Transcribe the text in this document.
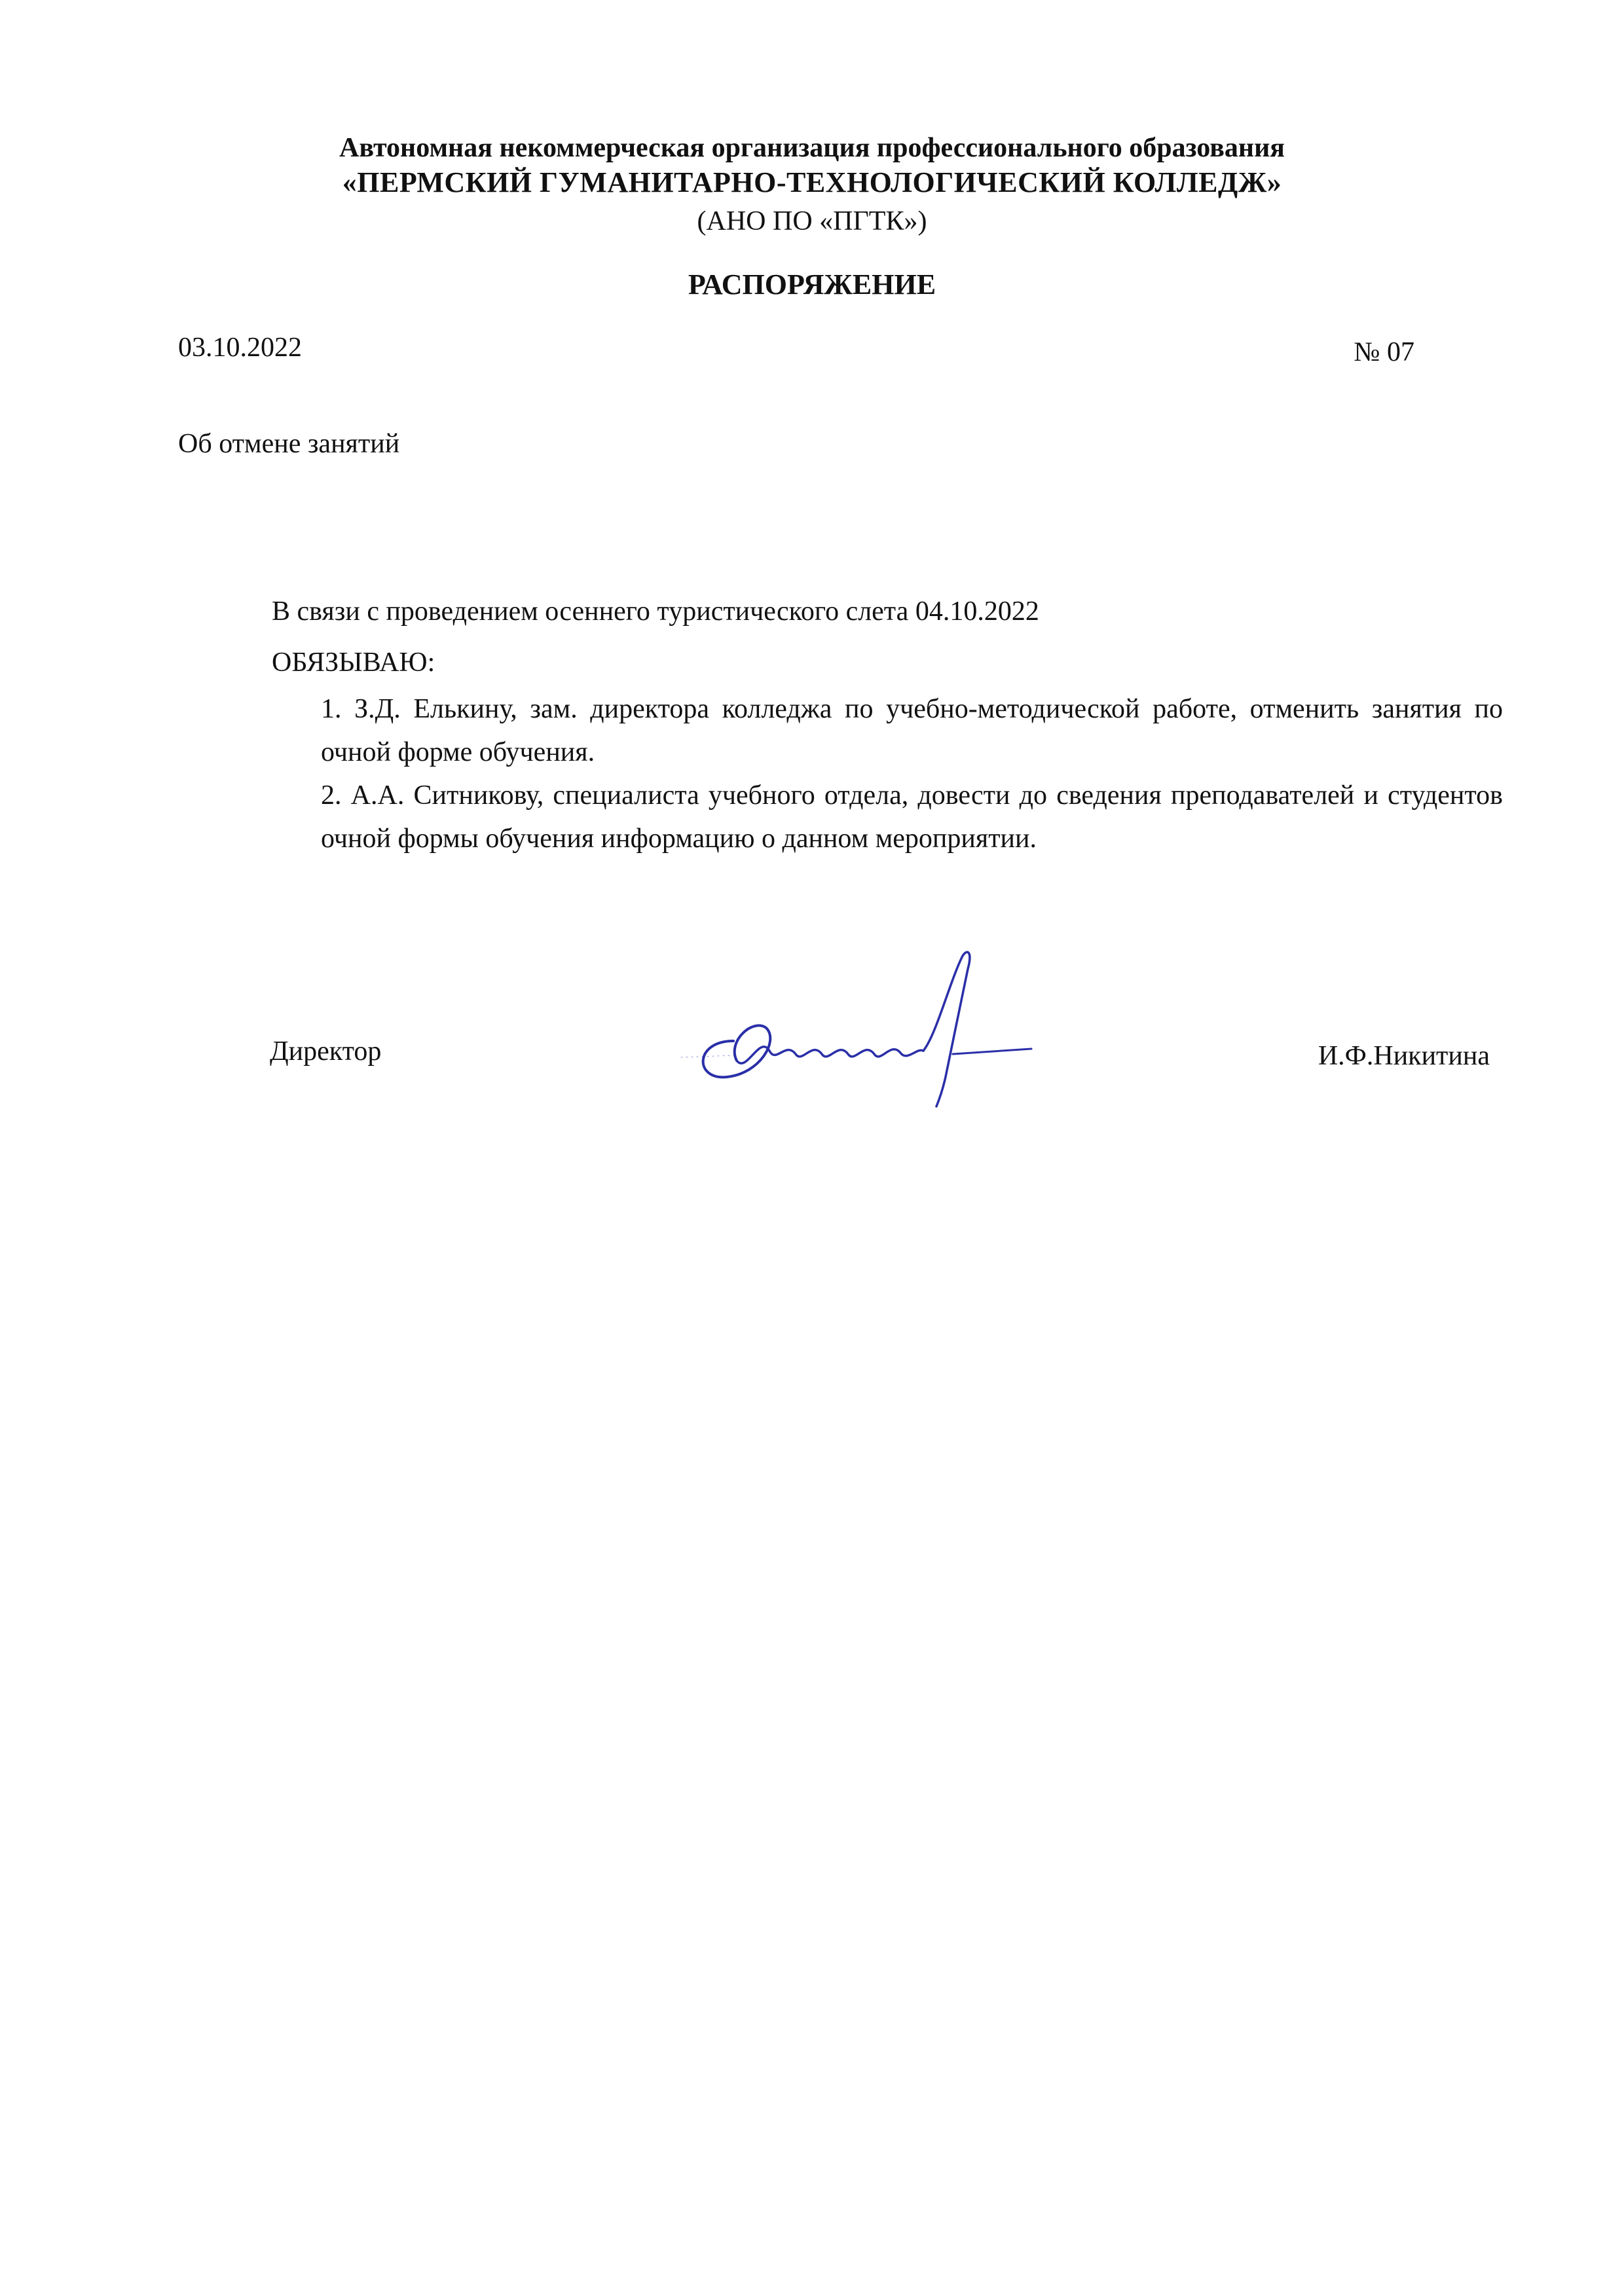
Автономная некоммерческая организация профессионального образования
«ПЕРМСКИЙ ГУМАНИТАРНО-ТЕХНОЛОГИЧЕСКИЙ КОЛЛЕДЖ»
(АНО ПО «ПГТК»)
РАСПОРЯЖЕНИЕ
03.10.2022	№ 07
Об отмене занятий
В связи с проведением осеннего туристического слета 04.10.2022
ОБЯЗЫВАЮ:

1. З.Д. Елькину, зам. директора колледжа по учебно-методической работе, отменить занятия по очной форме обучения.

2. А.А. Ситникову, специалиста учебного отдела, довести до сведения преподавателей и студентов очной формы обучения информацию о данном мероприятии.

Директор	И.Ф.Никитина
